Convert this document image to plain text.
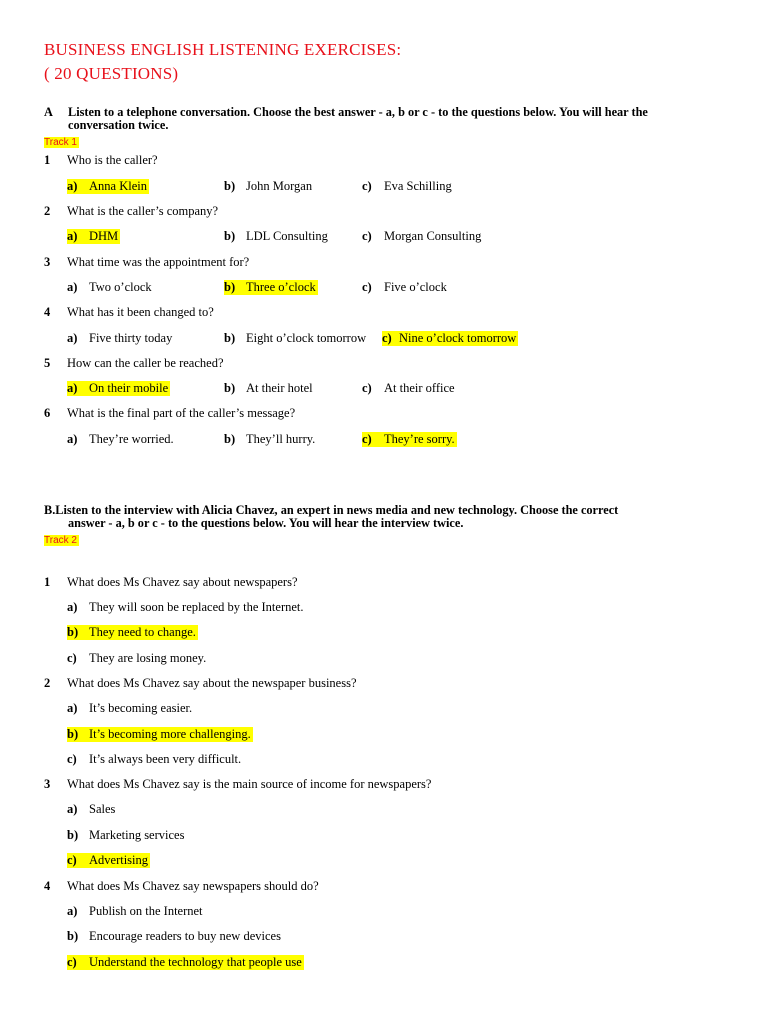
BUSINESS ENGLISH LISTENING EXERCISES:
( 20 QUESTIONS)
A Listen to a telephone conversation. Choose the best answer - a, b or c - to the questions below. You will hear the
conversation twice.
Track 1
1 Who is the caller?
a) Anna Klein	b) John Morgan	c) Eva Schilling
2 What is the caller’s company?
a) DHM	b) LDL Consulting	c) Morgan Consulting
3 What time was the appointment for?
a) Two o’clock	b) Three o’clock	c) Five o’clock
4 What has it been changed to?
a) Five thirty today	b) Eight o’clock tomorrow c) Nine o’clock tomorrow
5 How can the caller be reached?
a) On their mobile	b) At their hotel	c) At their office
6 What is the final part of the caller’s message?
a) They’re worried.	b) They’ll hurry.	c) They’re sorry.
B.Listen to the interview with Alicia Chavez, an expert in news media and new technology. Choose the correct
answer - a, b or c - to the questions below. You will hear the interview twice.
Track 2
1 What does Ms Chavez say about newspapers?
a) They will soon be replaced by the Internet.
b) They need to change.
c) They are losing money.
2 What does Ms Chavez say about the newspaper business?
a) It’s becoming easier.
b) It’s becoming more challenging.
c) It’s always been very difficult.
3 What does Ms Chavez say is the main source of income for newspapers?
a) Sales
b) Marketing services
c) Advertising
4 What does Ms Chavez say newspapers should do?
a) Publish on the Internet
b) Encourage readers to buy new devices
c) Understand the technology that people use
